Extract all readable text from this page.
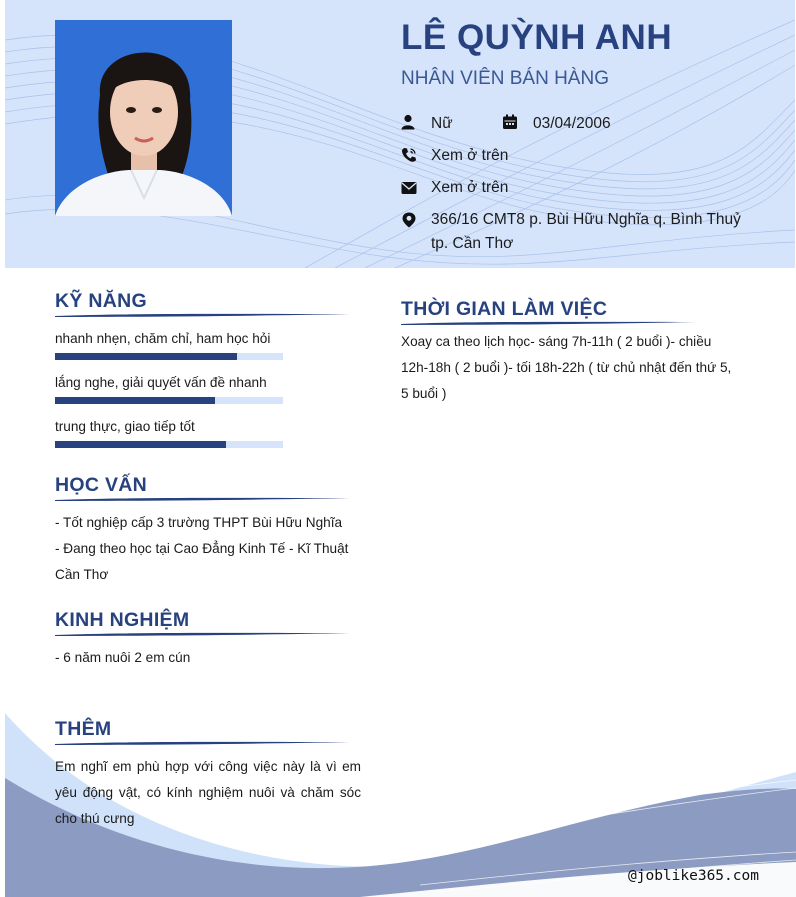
LÊ QUỲNH ANH
NHÂN VIÊN BÁN HÀNG
Nữ	03/04/2006
Xem ở trên
Xem ở trên
366/16 CMT8 p. Bùi Hữu Nghĩa q. Bình Thuỷ
tp. Cần Thơ
KỸ NĂNG
nhanh nhẹn, chăm chỉ, ham học hỏi
lắng nghe, giải quyết vấn đề nhanh
trung thực, giao tiếp tốt
HỌC VẤN
- Tốt nghiệp cấp 3 trường THPT Bùi Hữu Nghĩa
- Đang theo học tại Cao Đẳng Kinh Tế - Kĩ Thuật Cần Thơ
KINH NGHIỆM
- 6 năm nuôi 2 em cún
THÊM
Em nghĩ em phù hợp với công việc này là vì em yêu động vật, có kính nghiệm nuôi và chăm sóc cho thú cưng
THỜI GIAN LÀM VIỆC
Xoay ca theo lịch học- sáng 7h-11h ( 2 buổi )- chiều 12h-18h ( 2 buổi )- tối 18h-22h ( từ chủ nhật đến thứ 5, 5 buổi )
@joblike365.com
